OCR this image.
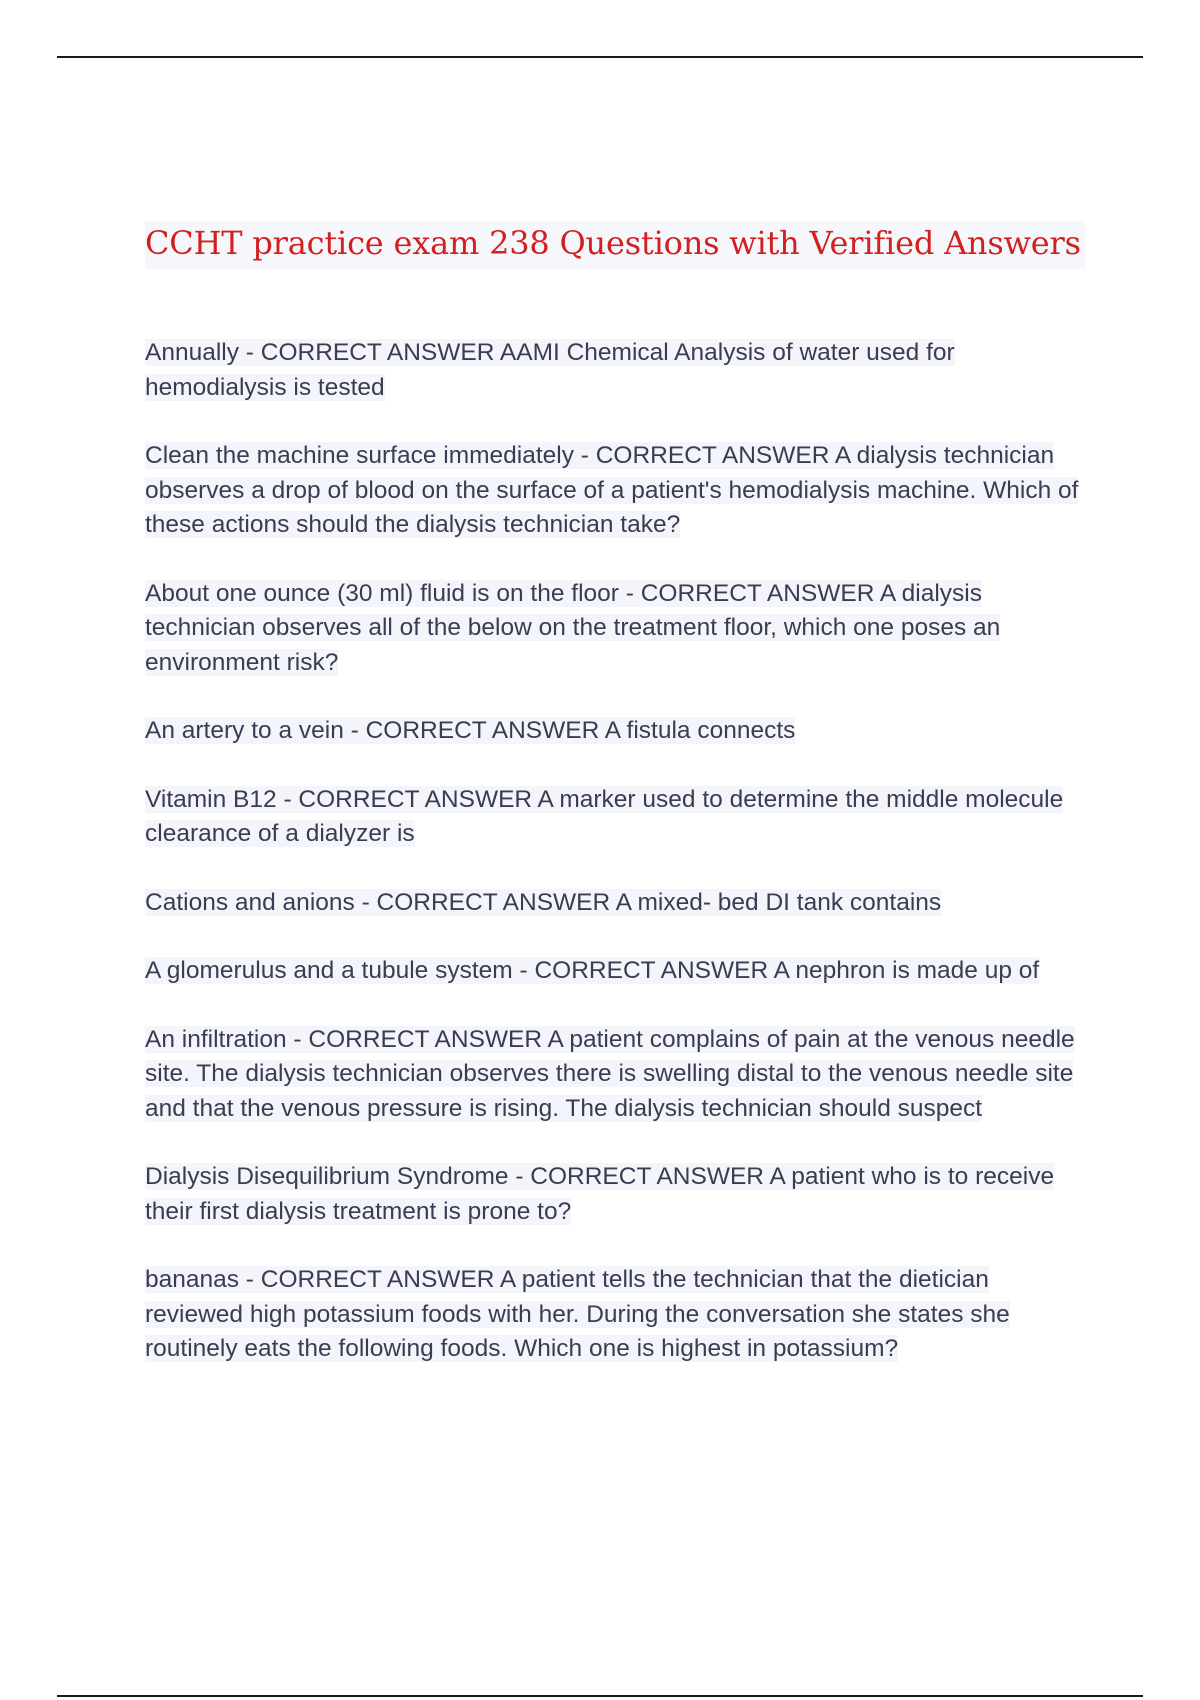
CCHT practice exam 238 Questions with Verified Answers
Annually - CORRECT ANSWER AAMI Chemical Analysis of water used for hemodialysis is tested
Clean the machine surface immediately - CORRECT ANSWER A dialysis technician observes a drop of blood on the surface of a patient's hemodialysis machine. Which of these actions should the dialysis technician take?
About one ounce (30 ml) fluid is on the floor - CORRECT ANSWER A dialysis technician observes all of the below on the treatment floor, which one poses an environment risk?
An artery to a vein - CORRECT ANSWER A fistula connects
Vitamin B12 - CORRECT ANSWER A marker used to determine the middle molecule clearance of a dialyzer is
Cations and anions - CORRECT ANSWER A mixed- bed DI tank contains
A glomerulus and a tubule system - CORRECT ANSWER A nephron is made up of
An infiltration - CORRECT ANSWER A patient complains of pain at the venous needle site. The dialysis technician observes there is swelling distal to the venous needle site and that the venous pressure is rising. The dialysis technician should suspect
Dialysis Disequilibrium Syndrome - CORRECT ANSWER A patient who is to receive their first dialysis treatment is prone to?
bananas - CORRECT ANSWER A patient tells the technician that the dietician reviewed high potassium foods with her. During the conversation she states she routinely eats the following foods. Which one is highest in potassium?
